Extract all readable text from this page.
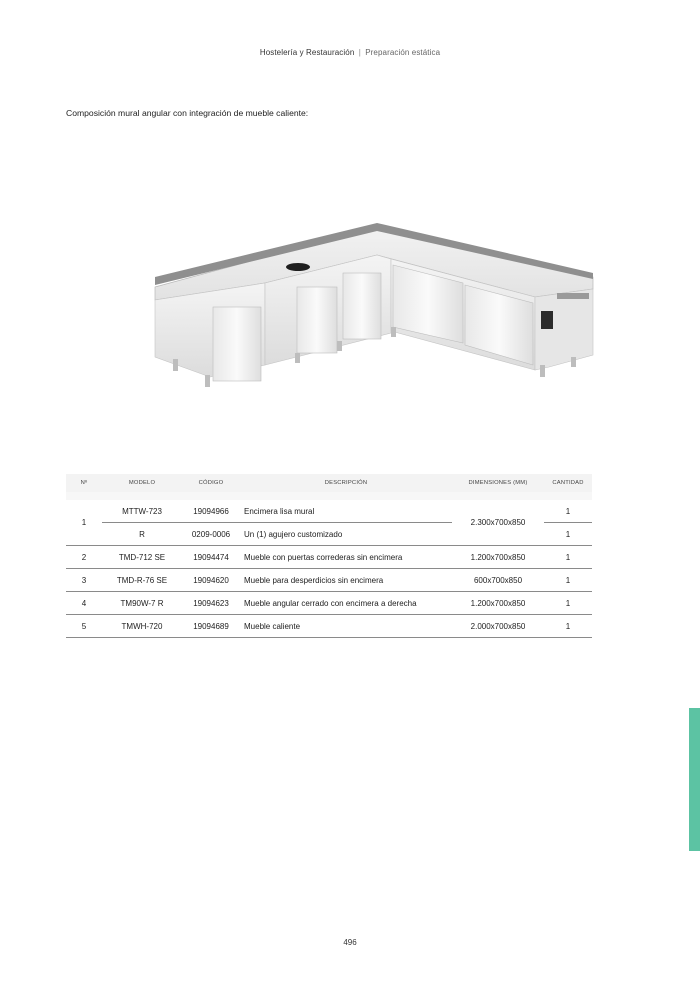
Hostelería y Restauración | Preparación estática
Composición mural angular con integración de mueble caliente:
Nº	MODELO	CÓDIGO	DESCRIPCIÓN	DIMENSIONES (MM)	CANTIDAD
1	MTTW-723	19094966	Encimera lisa mural	2.300x700x850	1
	R	0209-0006	Un (1) agujero customizado		1
2	TMD-712 SE	19094474	Mueble con puertas correderas sin encimera	1.200x700x850	1
3	TMD-R-76 SE	19094620	Mueble para desperdicios sin encimera	600x700x850	1
4	TM90W-7 R	19094623	Mueble angular cerrado con encimera a derecha	1.200x700x850	1
5	TMWH-720	19094689	Mueble caliente	2.000x700x850	1
496
